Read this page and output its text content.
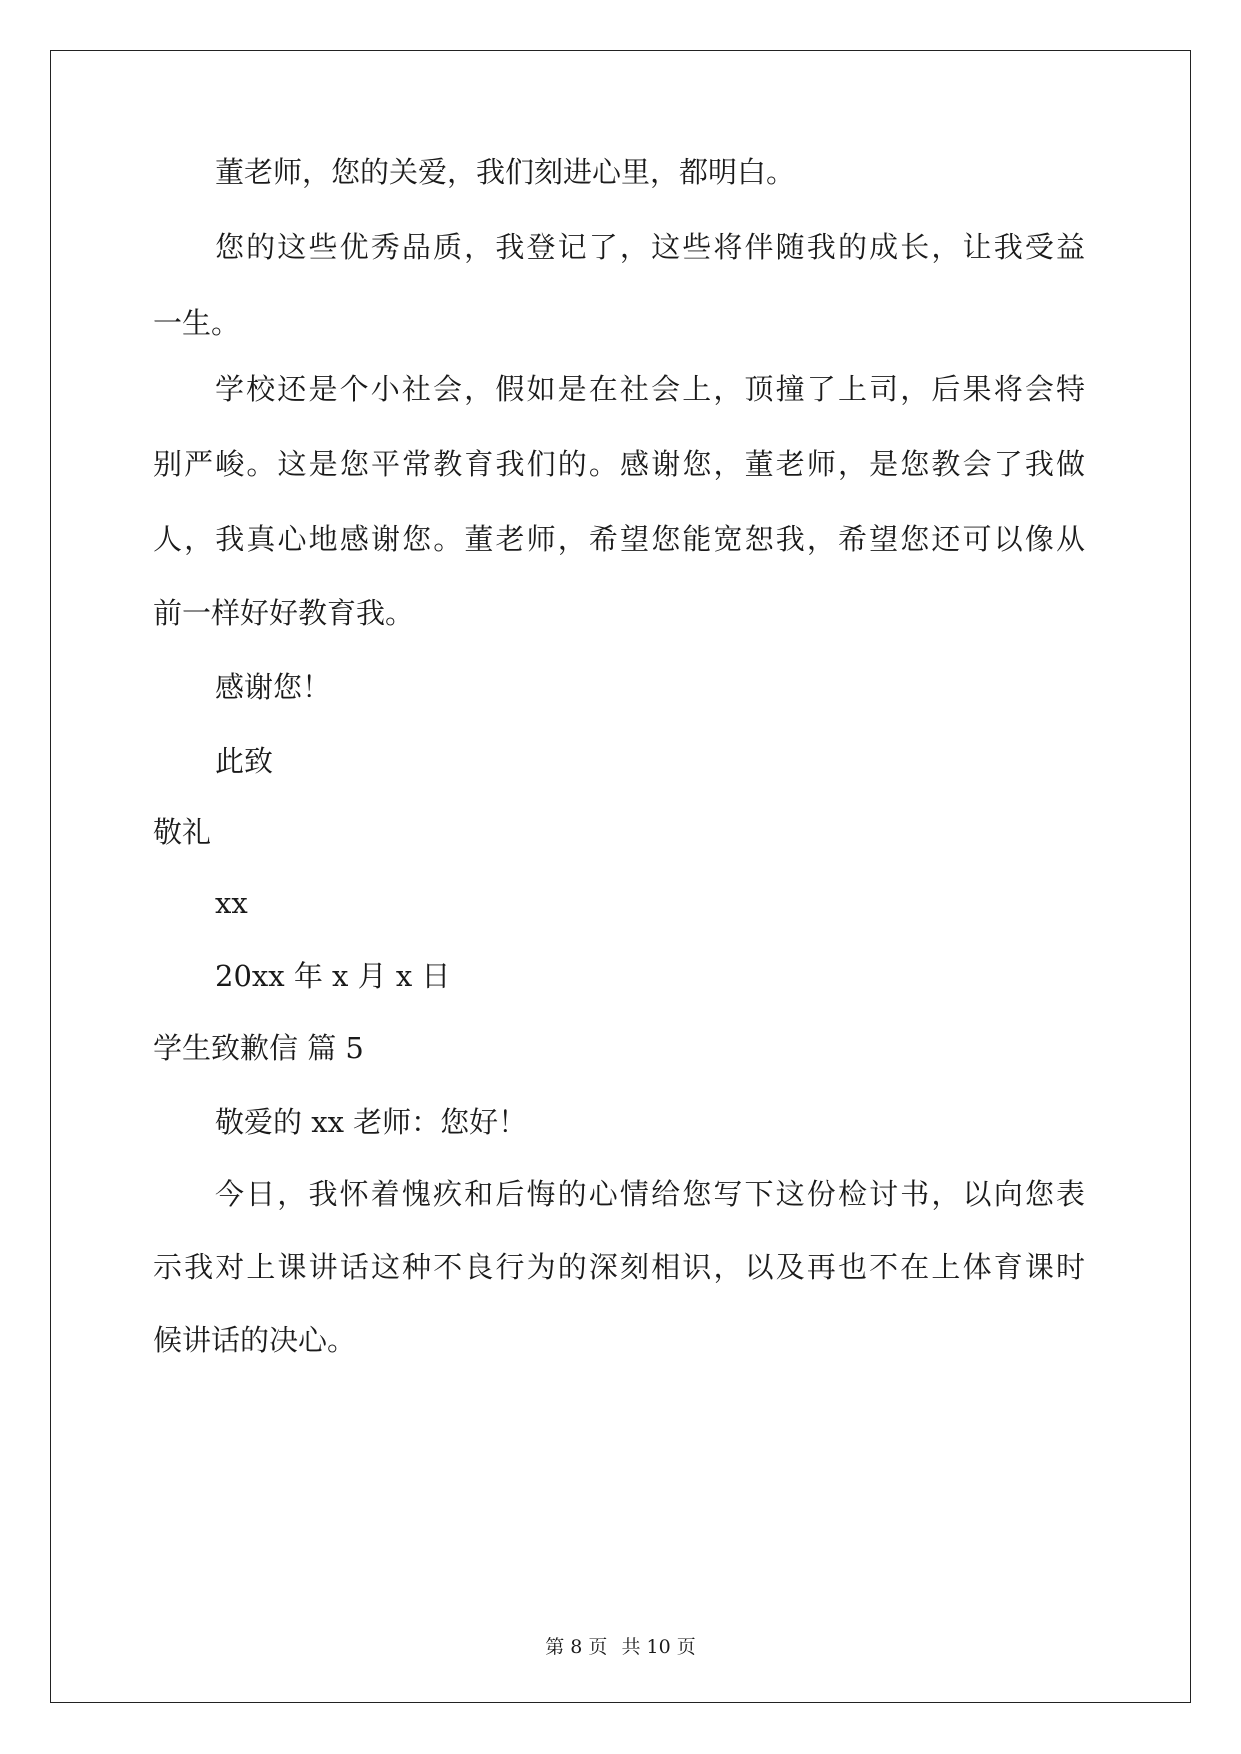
董老师，您的关爱，我们刻进心里，都明白。
您的这些优秀品质，我登记了，这些将伴随我的成长，让我受益
一生。
学校还是个小社会，假如是在社会上，顶撞了上司，后果将会特
别严峻。这是您平常教育我们的。感谢您，董老师，是您教会了我做
人，我真心地感谢您。董老师，希望您能宽恕我，希望您还可以像从
前一样好好教育我。
感谢您！
此致
敬礼
xx
20xx 年 x 月 x 日
学生致歉信 篇 5
敬爱的 xx 老师：您好！
今日，我怀着愧疚和后悔的心情给您写下这份检讨书，以向您表
示我对上课讲话这种不良行为的深刻相识，以及再也不在上体育课时
候讲话的决心。
第 8 页 共 10 页
